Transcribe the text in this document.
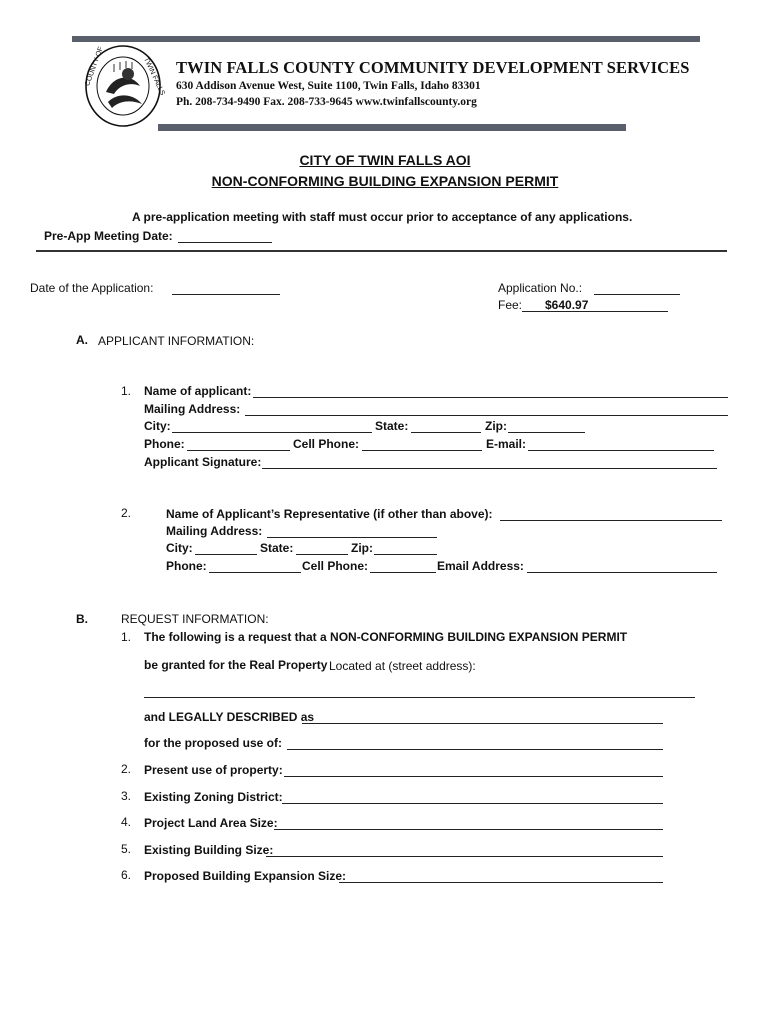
COUNTY OF	TWIN FALLS TWIN FALLS COUNTY COMMUNITY DEVELOPMENT SERVICES
630 Addison Avenue West, Suite 1100, Twin Falls, Idaho 83301
Ph. 208-734-9490 Fax. 208-733-9645 www.twinfallscounty.org
CITY OF TWIN FALLS AOI
NON-CONFORMING BUILDING EXPANSION PERMIT
A pre-application meeting with staff must occur prior to acceptance of any applications.
Pre-App Meeting Date:
Date of the Application:	Application No.:
Fee: $640.97
A. APPLICANT INFORMATION:
1. Name of applicant:
Mailing Address:
City:	State:	Zip:
Phone:	Cell Phone:	E-mail:
Applicant Signature:
2.	Name of Applicant’s Representative (if other than above):
Mailing Address:
City:	State:	Zip:
Phone:	Cell Phone:	Email Address:
B.	REQUEST INFORMATION:
1. The following is a request that a NON-CONFORMING BUILDING EXPANSION PERMIT
be granted for the Real Property Located at (street address):
and LEGALLY DESCRIBED as
for the proposed use of:
2. Present use of property:
3. Existing Zoning District:
4. Project Land Area Size:
5. Existing Building Size:
6. Proposed Building Expansion Size:
